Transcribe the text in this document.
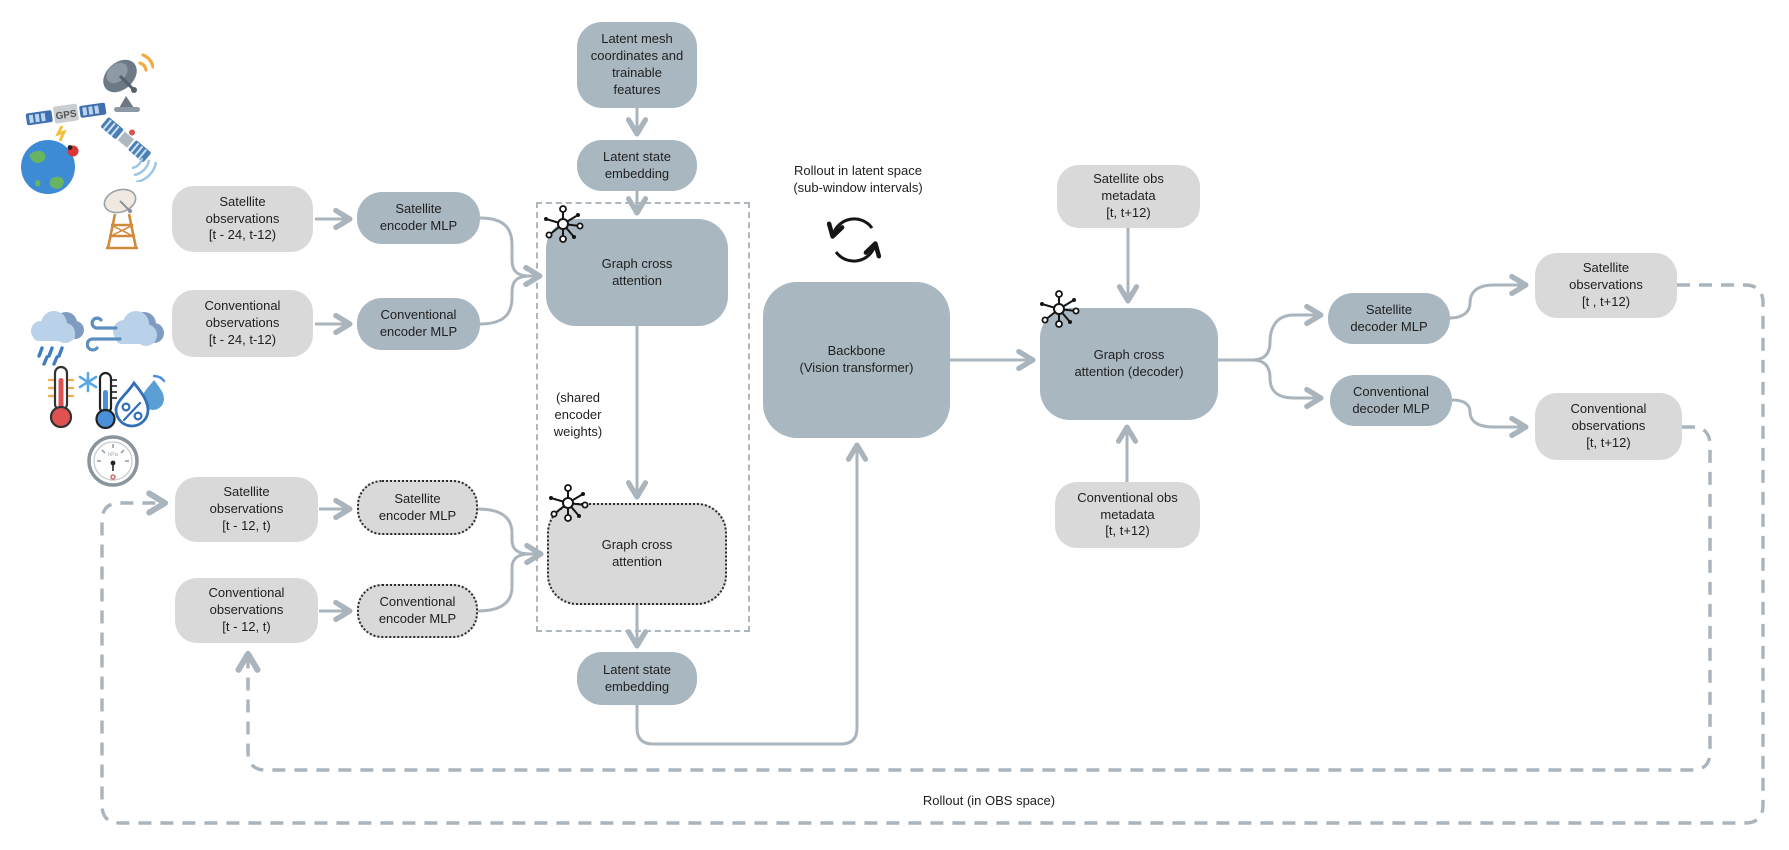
Latent mesh
coordinates and
trainable
features
Latent state
embedding
Satellite
observations
[t - 24, t-12)
Satellite
encoder MLP
Conventional
observations
[t - 24, t-12)
Conventional
encoder MLP
Graph cross
attention
Graph cross
attention
Satellite
observations
[t - 12, t)
Satellite
encoder MLP
Conventional
observations
[t - 12, t)
Conventional
encoder MLP
Latent state
embedding
Backbone
(Vision transformer)
Satellite obs
metadata
[t, t+12)
Graph cross
attention (decoder)
Conventional obs
metadata
[t, t+12)
Satellite
decoder MLP
Conventional
decoder MLP
Satellite
observations
[t , t+12)
Conventional
observations
[t, t+12)
(shared
encoder
weights)
Rollout in latent space
(sub-window intervals)
Rollout (in OBS space)
GPS
hPa
